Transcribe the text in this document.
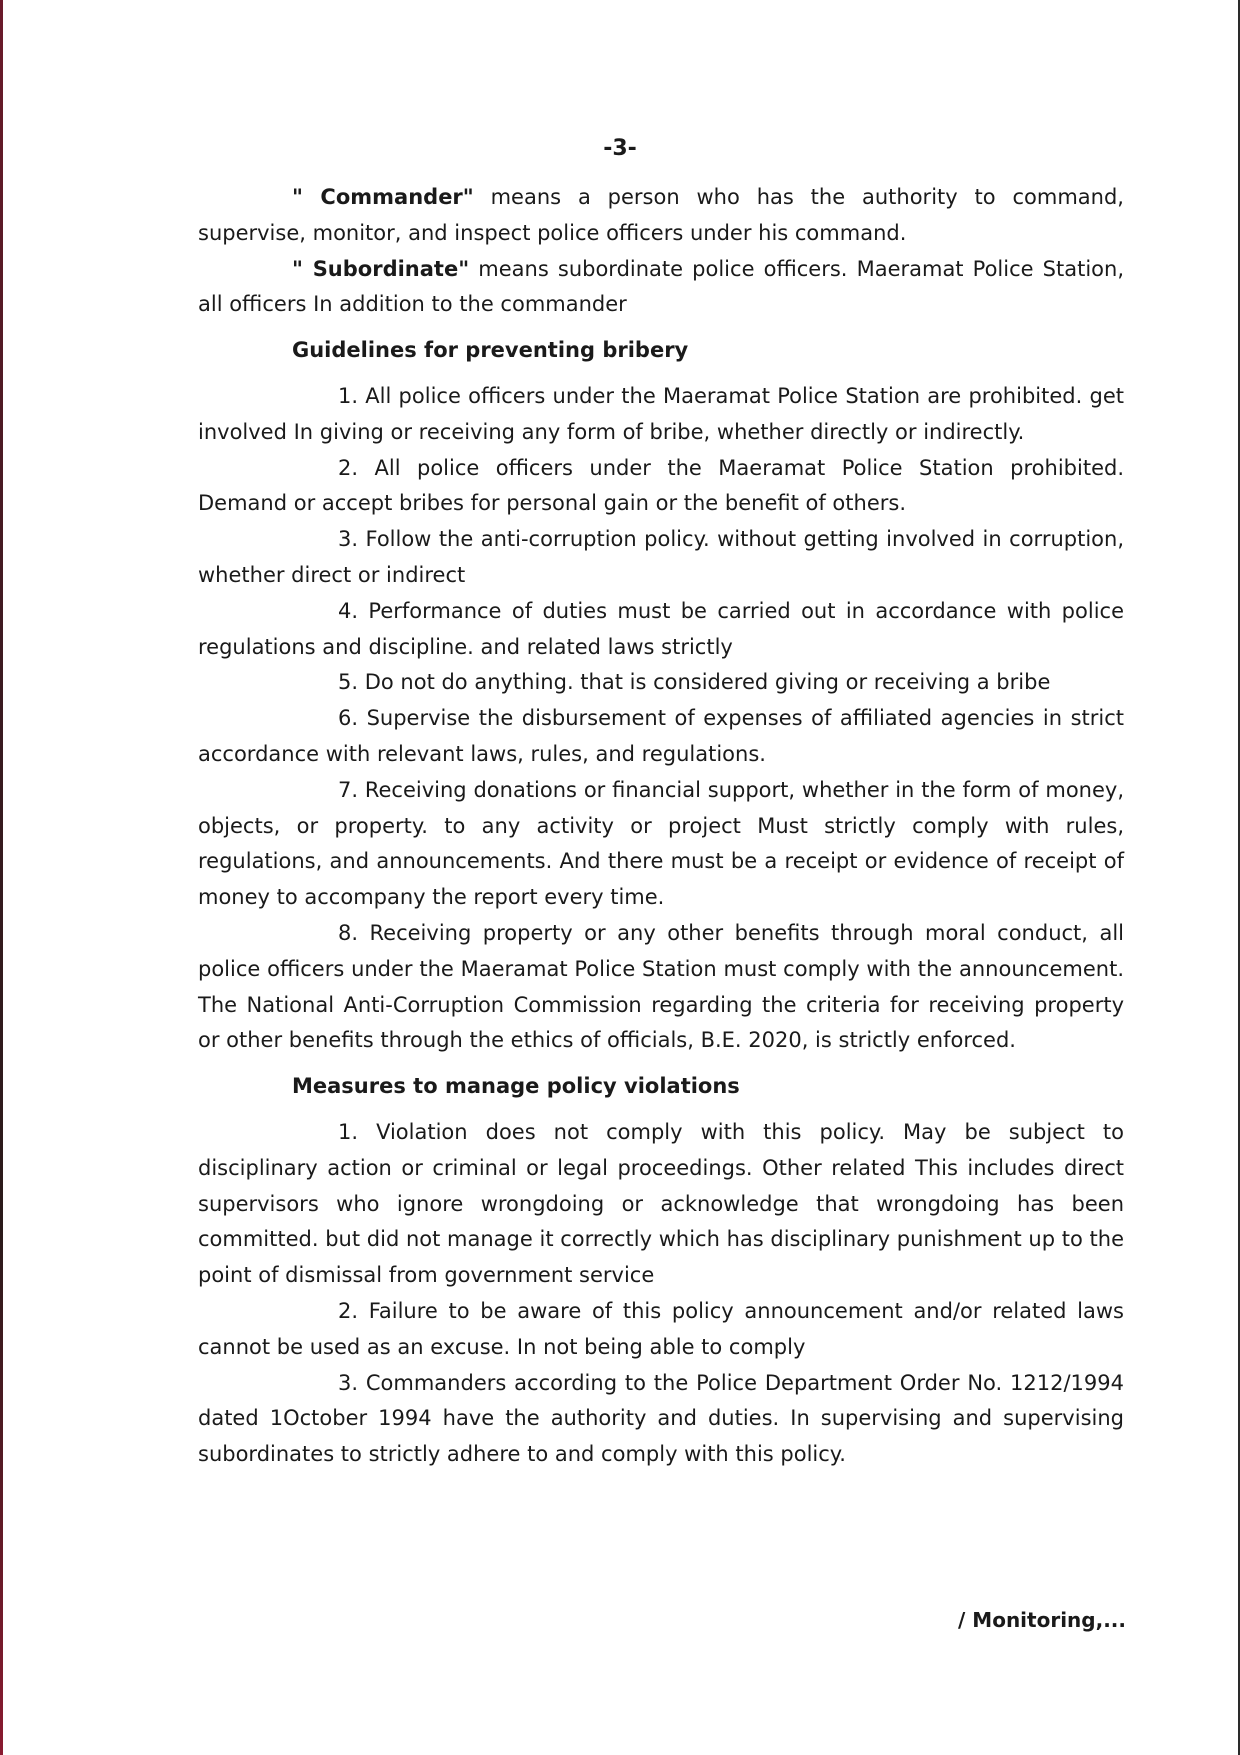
-3-

" Commander" means a person who has the authority to command, supervise, monitor, and inspect police officers under his command.

" Subordinate" means subordinate police officers. Maeramat Police Station, all officers In addition to the commander

Guidelines for preventing bribery

1. All police officers under the Maeramat Police Station are prohibited. get involved In giving or receiving any form of bribe, whether directly or indirectly.

2. All police officers under the Maeramat Police Station prohibited. Demand or accept bribes for personal gain or the benefit of others.

3. Follow the anti-corruption policy. without getting involved in corruption, whether direct or indirect

4. Performance of duties must be carried out in accordance with police regulations and discipline. and related laws strictly

5. Do not do anything. that is considered giving or receiving a bribe

6. Supervise the disbursement of expenses of affiliated agencies in strict accordance with relevant laws, rules, and regulations.

7. Receiving donations or financial support, whether in the form of money, objects, or property. to any activity or project Must strictly comply with rules, regulations, and announcements. And there must be a receipt or evidence of receipt of money to accompany the report every time.

8. Receiving property or any other benefits through moral conduct, all police officers under the Maeramat Police Station must comply with the announcement. The National Anti-Corruption Commission regarding the criteria for receiving property or other benefits through the ethics of officials, B.E. 2020, is strictly enforced.

Measures to manage policy violations

1. Violation does not comply with this policy. May be subject to disciplinary action or criminal or legal proceedings. Other related This includes direct supervisors who ignore wrongdoing or acknowledge that wrongdoing has been committed. but did not manage it correctly which has disciplinary punishment up to the point of dismissal from government service

2. Failure to be aware of this policy announcement and/or related laws cannot be used as an excuse. In not being able to comply

3. Commanders according to the Police Department Order No. 1212/1994 dated 1October 1994 have the authority and duties. In supervising and supervising subordinates to strictly adhere to and comply with this policy.

/ Monitoring,...
